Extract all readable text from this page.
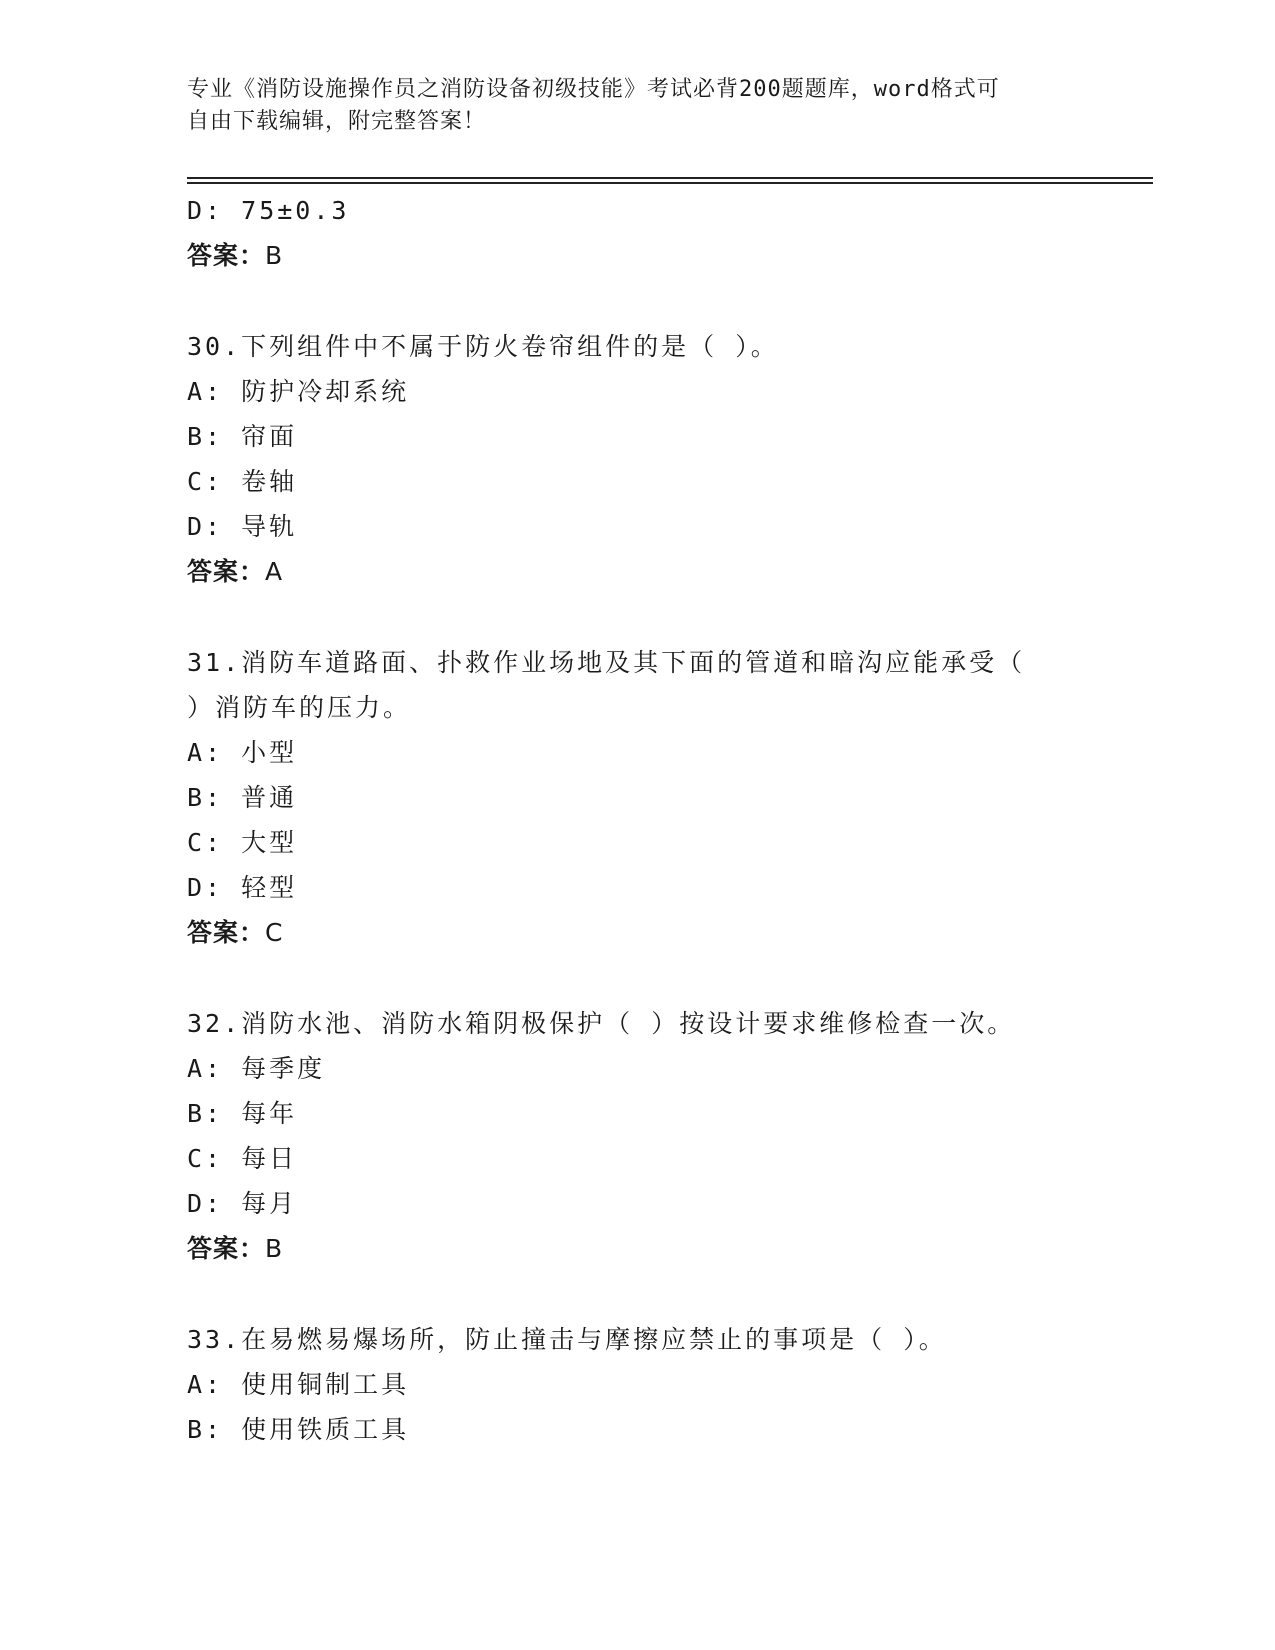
专业《消防设施操作员之消防设备初级技能》考试必背200题题库，word格式可
自由下载编辑，附完整答案！
D: 75±0.3
答案：B
30.下列组件中不属于防火卷帘组件的是（ ）。
A: 防护冷却系统
B: 帘面
C: 卷轴
D: 导轨
答案：A
31.消防车道路面、扑救作业场地及其下面的管道和暗沟应能承受（
）消防车的压力。
A: 小型
B: 普通
C: 大型
D: 轻型
答案：C
32.消防水池、消防水箱阴极保护（ ）按设计要求维修检查一次。
A: 每季度
B: 每年
C: 每日
D: 每月
答案：B
33.在易燃易爆场所，防止撞击与摩擦应禁止的事项是（ ）。
A: 使用铜制工具
B: 使用铁质工具
